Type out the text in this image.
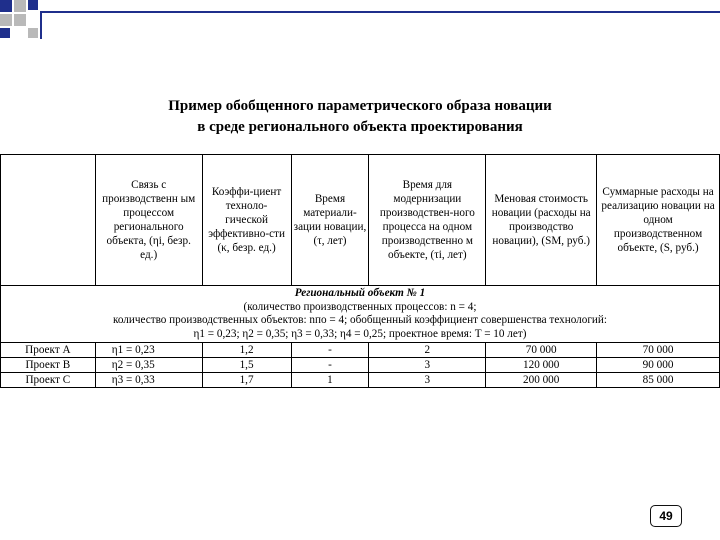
Пример обобщенного параметрического образа новации
в среде регионального объекта проектирования
	Связь с производственн ым процессом регионального объекта, (ηi, безр. ед.)	Коэффи-циент техноло-гической эффективно-сти (κ, безр. ед.)	Время материали-зации новации, (τ, лет)	Время для модернизации производствен-ного процесса на одном производственно м объекте, (τi, лет)	Меновая стоимость новации (расходы на производство новации), (SM, руб.)	Суммарные расходы на реализацию новации на одном производственном объекте, (S, руб.)

Региональный объект № 1
(количество производственных процессов: n = 4;
количество производственных объектов: nпо = 4; обобщенный коэффициент совершенства технологий:
η1 = 0,23; η2 = 0,35; η3 = 0,33; η4 = 0,25; проектное время: T = 10 лет)						

Проект А	η1 = 0,23	1,2	-	2	70 000	70 000
Проект В	η2 = 0,35	1,5	-	3	120 000	90 000
Проект С	η3 = 0,33	1,7	1	3	200 000	85 000
49
